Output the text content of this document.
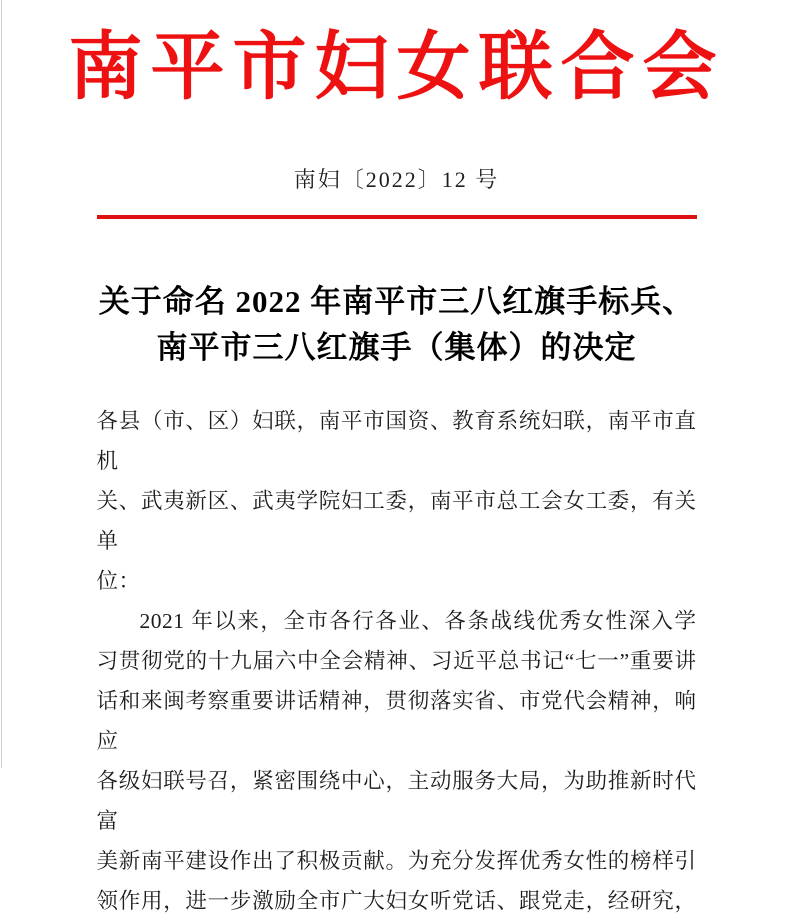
南平市妇女联合会
南妇〔2022〕12 号
关于命名 2022 年南平市三八红旗手标兵、
南平市三八红旗手（集体）的决定
各县（市、区）妇联，南平市国资、教育系统妇联，南平市直机
关、武夷新区、武夷学院妇工委，南平市总工会女工委，有关单
位：
2021 年以来，全市各行各业、各条战线优秀女性深入学
习贯彻党的十九届六中全会精神、习近平总书记“七一”重要讲
话和来闽考察重要讲话精神，贯彻落实省、市党代会精神，响应
各级妇联号召，紧密围绕中心，主动服务大局，为助推新时代富
美新南平建设作出了积极贡献。为充分发挥优秀女性的榜样引
领作用，进一步激励全市广大妇女听党话、跟党走，经研究，
